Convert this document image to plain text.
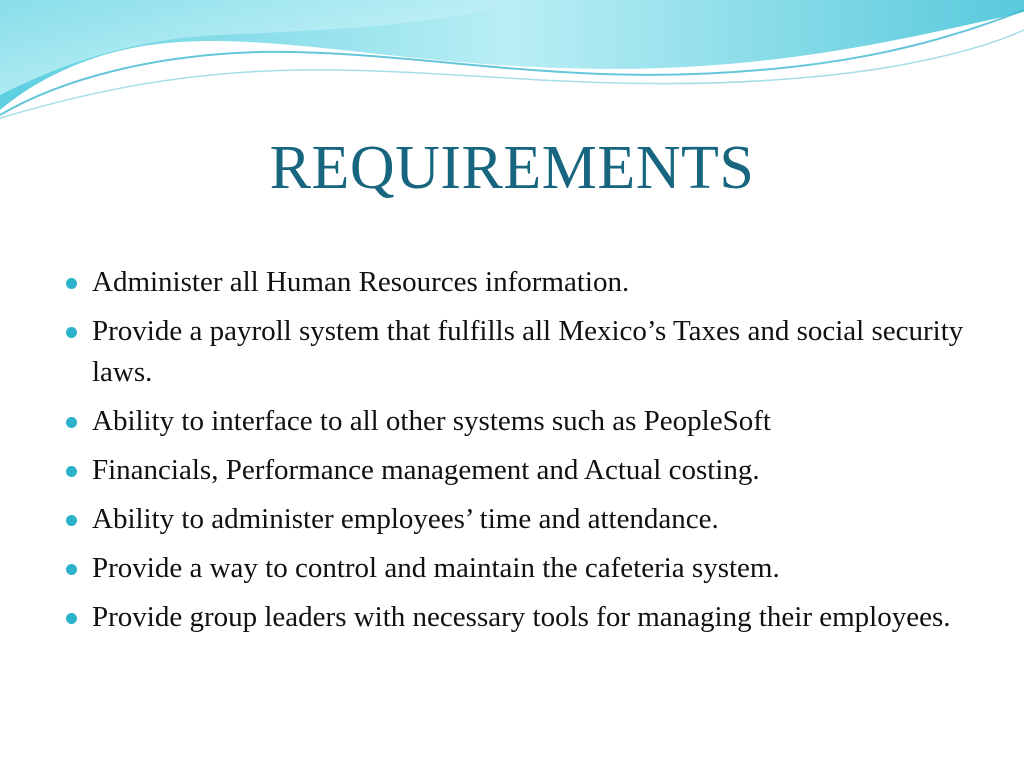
REQUIREMENTS
Administer all Human Resources information.
Provide a payroll system that fulfills all Mexico’s Taxes and social security laws.
Ability to interface to all other systems such as PeopleSoft
Financials, Performance management and Actual costing.
Ability to administer employees’ time and attendance.
Provide a way to control and maintain the cafeteria system.
Provide group leaders with necessary tools for managing their employees.
